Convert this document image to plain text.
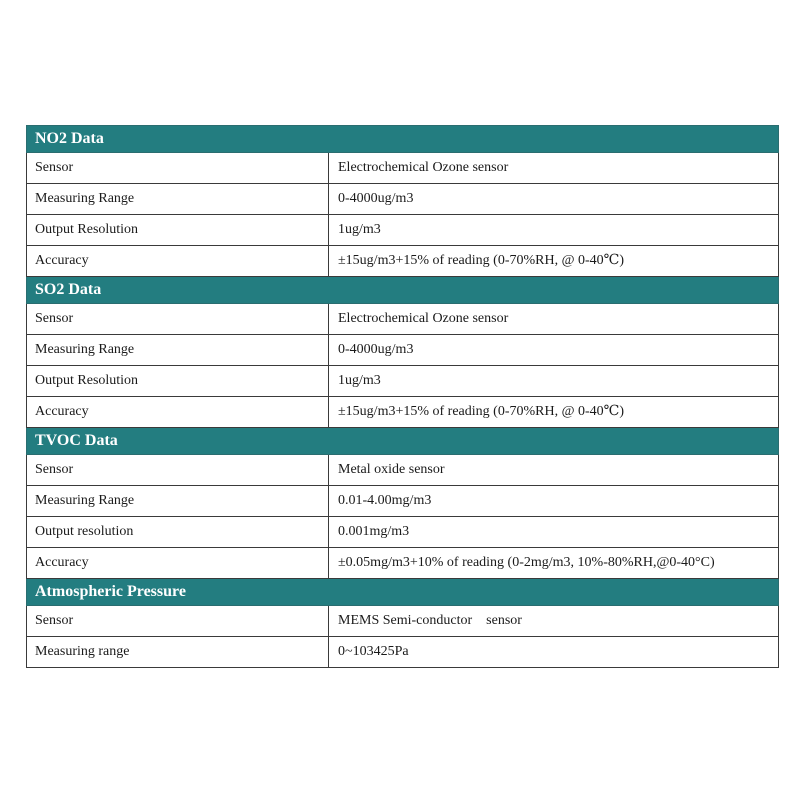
NO2 Data	
Sensor	Electrochemical Ozone sensor
Measuring Range	0-4000ug/m3
Output Resolution	1ug/m3
Accuracy	±15ug/m3+15% of reading (0-70%RH, @ 0-40℃)
SO2 Data	
Sensor	Electrochemical Ozone sensor
Measuring Range	0-4000ug/m3
Output Resolution	1ug/m3
Accuracy	±15ug/m3+15% of reading (0-70%RH, @ 0-40℃)
TVOC Data	
Sensor	Metal oxide sensor
Measuring Range	0.01-4.00mg/m3
Output resolution	0.001mg/m3
Accuracy	±0.05mg/m3+10% of reading (0-2mg/m3, 10%-80%RH,@0-40°C)
Atmospheric Pressure	
Sensor	MEMS Semi-conductor    sensor
Measuring range	0~103425Pa
